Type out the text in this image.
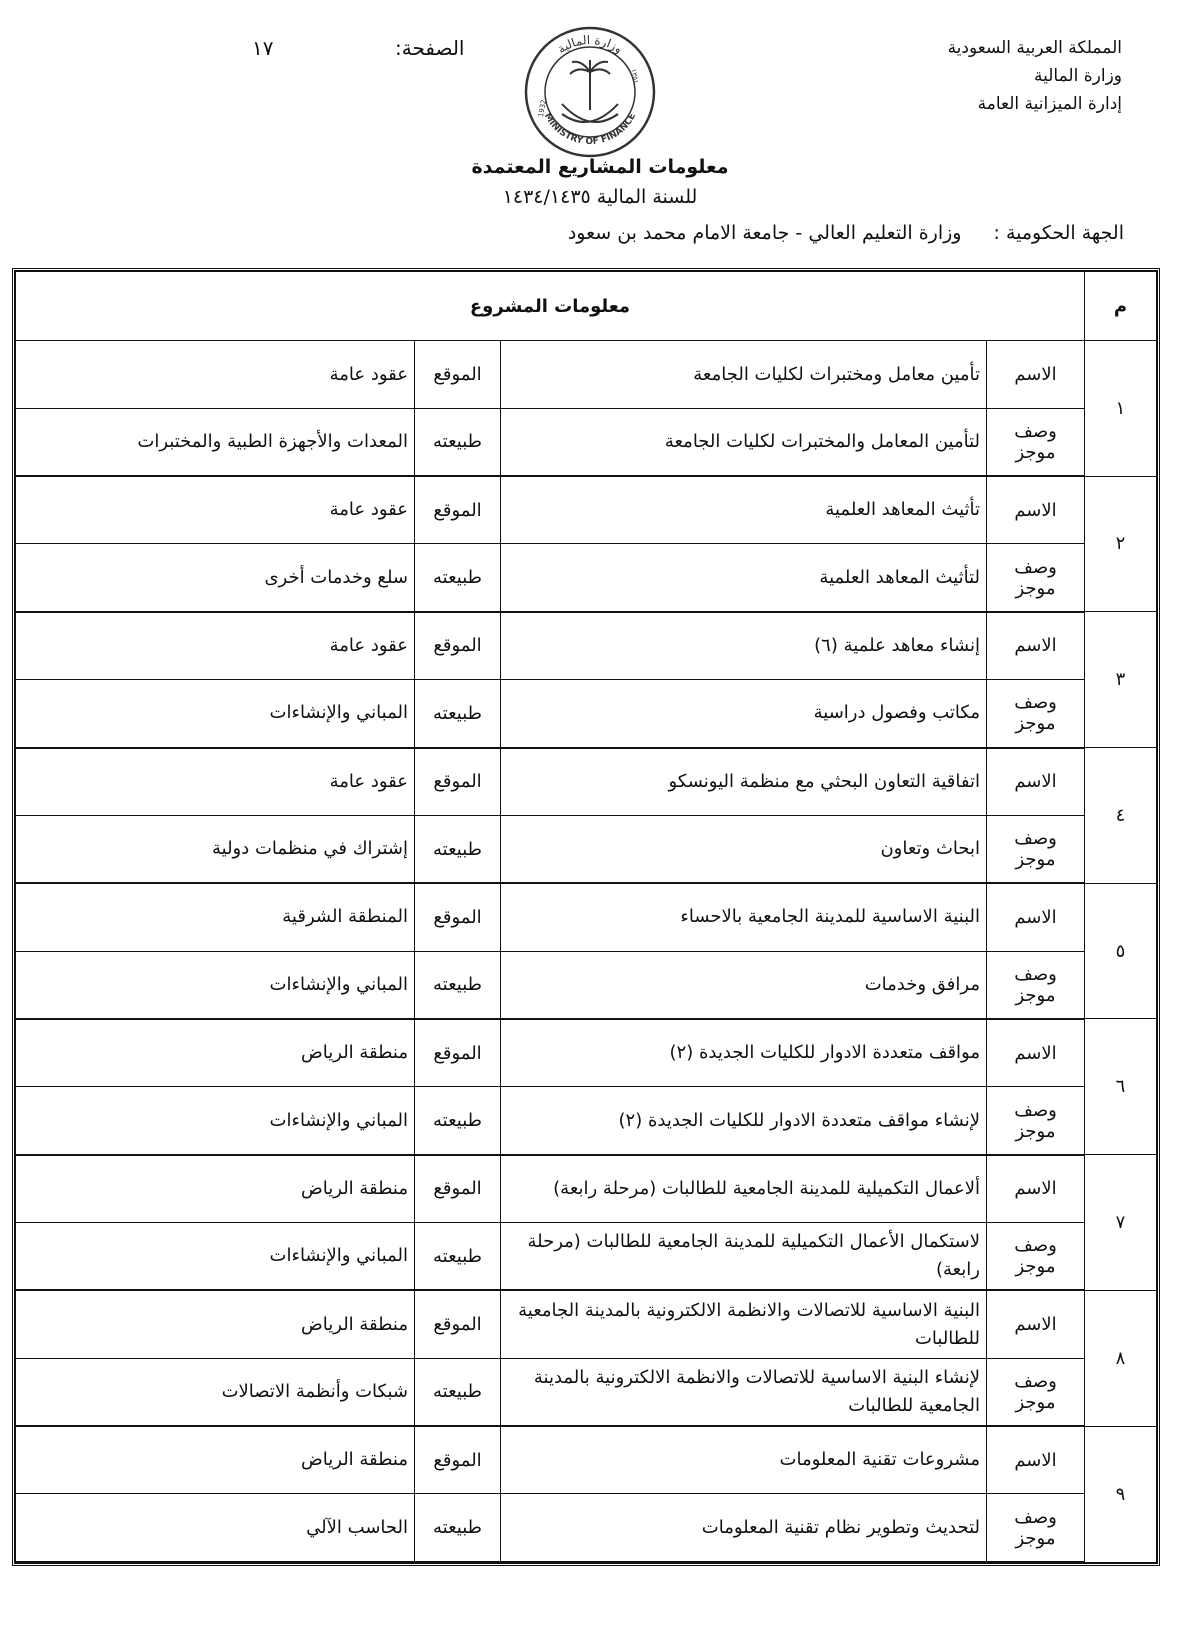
المملكة العربية السعودية
وزارة المالية
إدارة الميزانية العامة
الصفحة:
١٧	وزارة المالية
MINISTRY OF FINANCE
1932
١٣٥١
معلومات المشاريع المعتمدة
للسنة المالية ١٤٣٤/١٤٣٥
الجهة الحكومية : وزارة التعليم العالي - جامعة الامام محمد بن سعود
م	معلومات المشروع			
١	الاسم	تأمين معامل ومختبرات لكليات الجامعة	الموقع	عقود عامة
	وصف موجز	لتأمين المعامل والمختبرات لكليات الجامعة	طبيعته	المعدات والأجهزة الطبية والمختبرات
٢	الاسم	تأثيث المعاهد العلمية	الموقع	عقود عامة
	وصف موجز	لتأثيث المعاهد العلمية	طبيعته	سلع وخدمات أخرى
٣	الاسم	إنشاء معاهد علمية (٦)	الموقع	عقود عامة
	وصف موجز	مكاتب وفصول دراسية	طبيعته	المباني والإنشاءات
٤	الاسم	اتفاقية التعاون البحثي مع منظمة اليونسكو	الموقع	عقود عامة
	وصف موجز	ابحاث وتعاون	طبيعته	إشتراك في منظمات دولية
٥	الاسم	البنية الاساسية للمدينة الجامعية بالاحساء	الموقع	المنطقة الشرقية
	وصف موجز	مرافق وخدمات	طبيعته	المباني والإنشاءات
٦	الاسم	مواقف متعددة الادوار للكليات الجديدة (٢)	الموقع	منطقة الرياض
	وصف موجز	لإنشاء مواقف متعددة الادوار للكليات الجديدة (٢)	طبيعته	المباني والإنشاءات
٧	الاسم	ألاعمال التكميلية للمدينة الجامعية للطالبات (مرحلة رابعة)	الموقع	منطقة الرياض
	وصف موجز	لاستكمال الأعمال التكميلية للمدينة الجامعية للطالبات (مرحلة رابعة)	طبيعته	المباني والإنشاءات
٨	الاسم	البنية الاساسية للاتصالات والانظمة الالكترونية بالمدينة الجامعية للطالبات	الموقع	منطقة الرياض
	وصف موجز	لإنشاء البنية الاساسية للاتصالات والانظمة الالكترونية بالمدينة الجامعية للطالبات	طبيعته	شبكات وأنظمة الاتصالات
٩	الاسم	مشروعات تقنية المعلومات	الموقع	منطقة الرياض
	وصف موجز	لتحديث وتطوير نظام تقنية المعلومات	طبيعته	الحاسب الآلي
